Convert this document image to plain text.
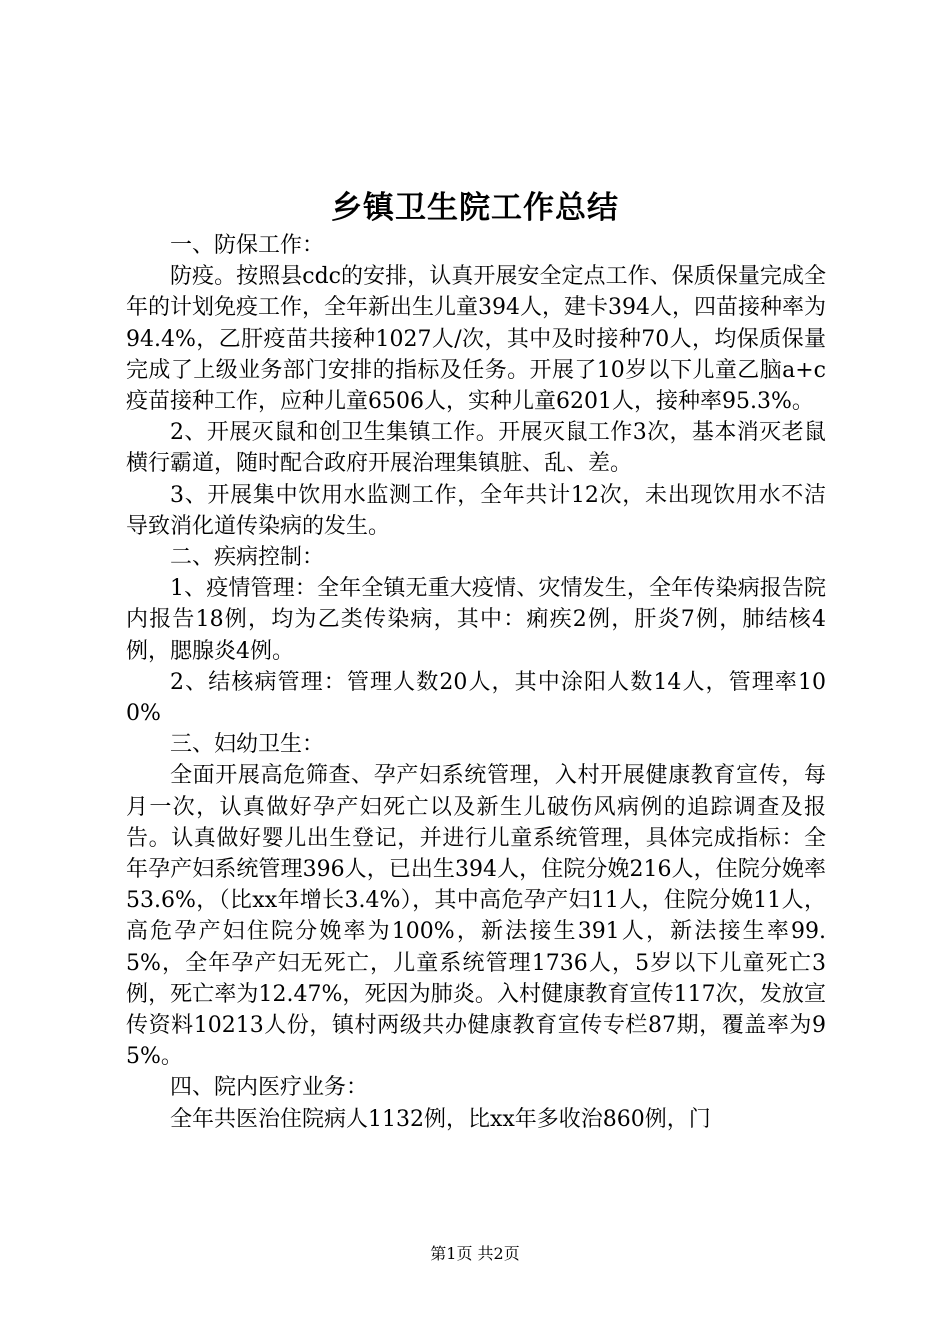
乡镇卫生院工作总结

一、防保工作：

防疫。按照县cdc的安排，认真开展安全定点工作、保质保量完成全年的计划免疫工作，全年新出生儿童394人，建卡394人，四苗接种率为94.4%，乙肝疫苗共接种1027人/次，其中及时接种70人，均保质保量完成了上级业务部门安排的指标及任务。开展了10岁以下儿童乙脑a+c疫苗接种工作，应种儿童6506人，实种儿童6201人，接种率95.3%。

2、开展灭鼠和创卫生集镇工作。开展灭鼠工作3次，基本消灭老鼠横行霸道，随时配合政府开展治理集镇脏、乱、差。

3、开展集中饮用水监测工作，全年共计12次，未出现饮用水不洁导致消化道传染病的发生。

二、疾病控制：

1、疫情管理：全年全镇无重大疫情、灾情发生，全年传染病报告院内报告18例，均为乙类传染病，其中：痢疾2例，肝炎7例，肺结核4例，腮腺炎4例。

2、结核病管理：管理人数20人，其中涂阳人数14人，管理率100%

三、妇幼卫生：

全面开展高危筛查、孕产妇系统管理，入村开展健康教育宣传，每月一次，认真做好孕产妇死亡以及新生儿破伤风病例的追踪调查及报告。认真做好婴儿出生登记，并进行儿童系统管理，具体完成指标：全年孕产妇系统管理396人，已出生394人，住院分娩216人，住院分娩率53.6%，（比xx年增长3.4%），其中高危孕产妇11人，住院分娩11人，高危孕产妇住院分娩率为100%，新法接生391人，新法接生率99.5%，全年孕产妇无死亡，儿童系统管理1736人，5岁以下儿童死亡3例，死亡率为12.47%，死因为肺炎。入村健康教育宣传117次，发放宣传资料10213人份，镇村两级共办健康教育宣传专栏87期，覆盖率为95%。

四、院内医疗业务：

全年共医治住院病人1132例，比xx年多收治860例，门

第1页 共2页
